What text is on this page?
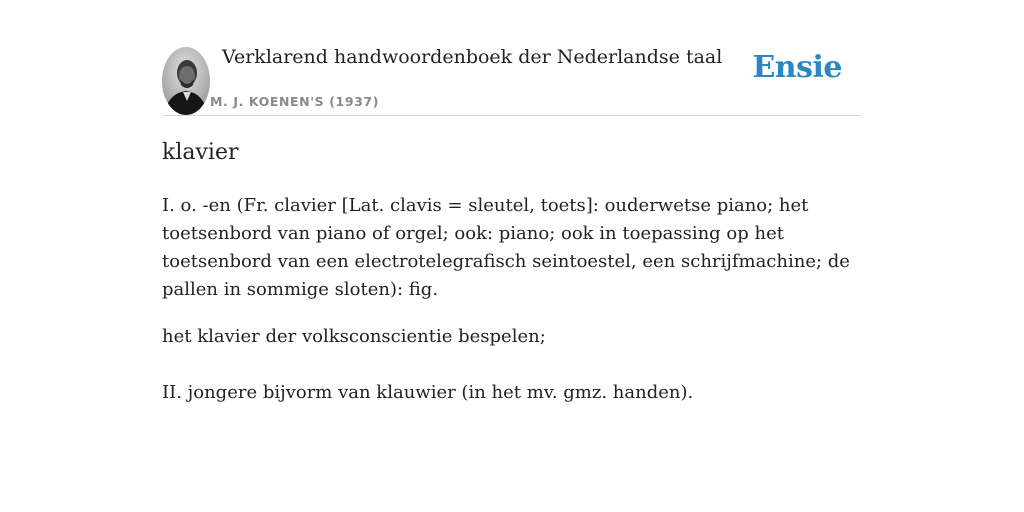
Verklarend handwoordenboek der Nederlandse taal
M. J. KOENEN'S (1937)
Ensie
klavier

I. o. -en (Fr. clavier [Lat. clavis = sleutel, toets]: ouderwetse piano; het toetsenbord van piano of orgel; ook: piano; ook in toepassing op het toetsenbord van een electrotelegrafisch seintoestel, een schrijfmachine; de pallen in sommige sloten): fig.

het klavier der volksconscientie bespelen;

II. jongere bijvorm van klauwier (in het mv. gmz. handen).
